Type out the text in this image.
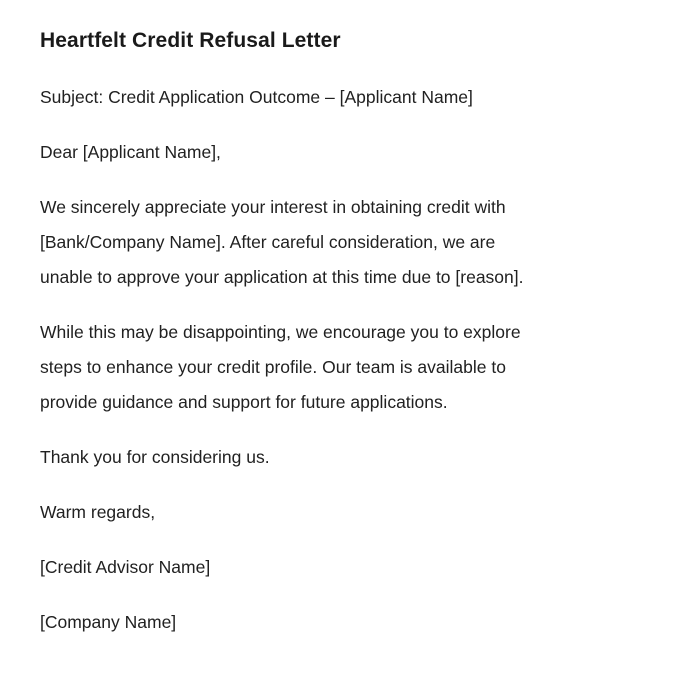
Heartfelt Credit Refusal Letter

Subject: Credit Application Outcome – [Applicant Name]

Dear [Applicant Name],

We sincerely appreciate your interest in obtaining credit with
[Bank/Company Name]. After careful consideration, we are
unable to approve your application at this time due to [reason].

While this may be disappointing, we encourage you to explore
steps to enhance your credit profile. Our team is available to
provide guidance and support for future applications.

Thank you for considering us.

Warm regards,

[Credit Advisor Name]

[Company Name]
